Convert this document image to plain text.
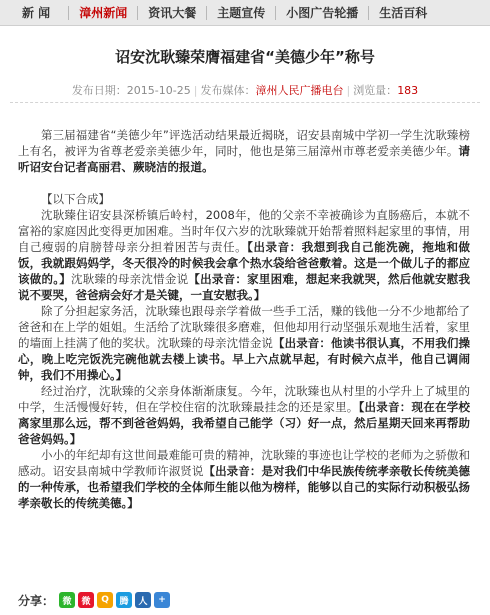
新 闻 漳州新闻 资讯大餐 主题宣传 小图广告轮播 生活百科
诏安沈耿臻荣膺福建省“美德少年”称号
发布日期：2015-10-25 | 发布媒体：漳州人民广播电台 | 浏览量：183

第三届福建省“美德少年”评选活动结果最近揭晓，诏安县南城中学初一学生沈耿臻榜上有名，被评为省尊老爱亲美德少年，同时，他也是第三届漳州市尊老爱亲美德少年。请听诏安台记者高丽君、蕨晓洁的报道。

【以下合成】

沈耿臻住诏安县深桥镇后岭村，2008年，他的父亲不幸被确诊为直肠癌后，本就不富裕的家庭因此变得更加困难。当时年仅六岁的沈耿臻就开始帮着照料起家里的事情，用自己瘦弱的肩膀替母亲分担着困苦与责任。【出录音：我想到我自己能洗碗，拖地和做饭，我就跟妈妈学，冬天很冷的时候我会拿个热水袋给爸爸敷着。这是一个做儿子的都应该做的。】沈耿臻的母亲沈惜金说【出录音：家里困难，想起来我就哭，然后他就安慰我说不要哭，爸爸病会好才是关键，一直安慰我。】

除了分担起家务活，沈耿臻也跟母亲学着做一些手工活，赚的钱他一分不少地都给了爸爸和在上学的姐姐。生活给了沈耿臻很多磨难，但他却用行动坚强乐观地生活着，家里的墙面上挂满了他的奖状。沈耿臻的母亲沈惜金说【出录音：他读书很认真，不用我们操心，晚上吃完饭洗完碗他就去楼上读书。早上六点就早起，有时候六点半，他自己调闹钟，我们不用操心。】

经过治疗，沈耿臻的父亲身体渐渐康复。今年，沈耿臻也从村里的小学升上了城里的中学，生活慢慢好转，但在学校住宿的沈耿臻最挂念的还是家里。【出录音：现在在学校离家里那么远，帮不到爸爸妈妈，我希望自己能学（习）好一点，然后星期天回来再帮助爸爸妈妈。】

小小的年纪却有这世间最难能可贵的精神，沈耿臻的事迹也让学校的老师为之骄傲和感动。诏安县南城中学教师许淑贤说【出录音：是对我们中华民族传统孝亲敬长传统美德的一种传承，也希望我们学校的全体师生能以他为榜样，能够以自己的实际行动积极弘扬孝亲敬长的传统美德。】

分享： 微	微	Q	腾	人	+
